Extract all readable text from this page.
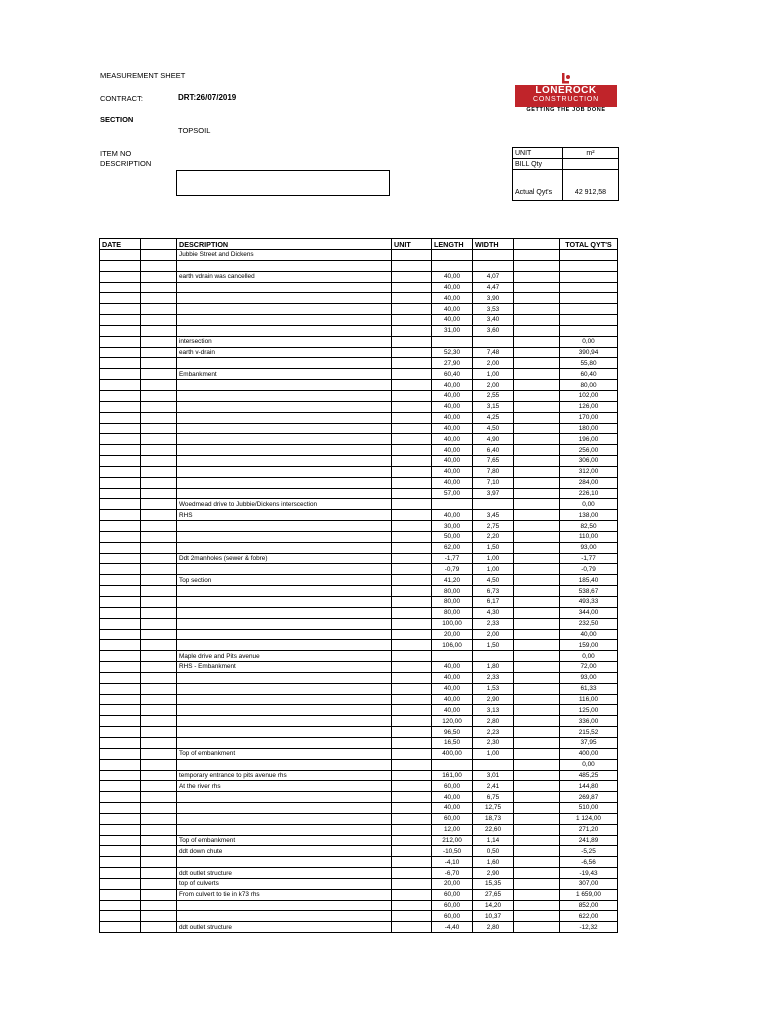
MEASUREMENT SHEET
CONTRACT:	DRT:26/07/2019
SECTION
TOPSOIL
ITEM NO
DESCRIPTION
LONEROCK
CONSTRUCTION
GETTING THE JOB DONE
UNIT	m²
BILL Qty	
Actual Qyt's	42 912,58
DATE		DESCRIPTION	UNIT	LENGTH	WIDTH		TOTAL QYT'S
		Jubbie Street and Dickens					

		earth vdrain was cancelled		40,00	4,07		
				40,00	4,47		
				40,00	3,90		
				40,00	3,53		
				40,00	3,40		
				31,00	3,60		
		intersection					0,00
		earth v-drain		52,30	7,48		390,94
				27,90	2,00		55,80
		Embankment		60,40	1,00		60,40
				40,00	2,00		80,00
				40,00	2,55		102,00
				40,00	3,15		126,00
				40,00	4,25		170,00
				40,00	4,50		180,00
				40,00	4,90		196,00
				40,00	6,40		256,00
				40,00	7,65		306,00
				40,00	7,80		312,00
				40,00	7,10		284,00
				57,00	3,97		226,10
		Woedmead drive to Jubbie/Dickens interscection					0,00
		RHS		40,00	3,45		138,00
				30,00	2,75		82,50
				50,00	2,20		110,00
				62,00	1,50		93,00
		Ddt 2manholes (sewer & fobre)		-1,77	1,00		-1,77
				-0,79	1,00		-0,79
		Top section		41,20	4,50		185,40
				80,00	6,73		538,67
				80,00	6,17		493,33
				80,00	4,30		344,00
				100,00	2,33		232,50
				20,00	2,00		40,00
				106,00	1,50		159,00
		Maple drive and Pits avenue					0,00
		RHS - Embankment		40,00	1,80		72,00
				40,00	2,33		93,00
				40,00	1,53		61,33
				40,00	2,90		116,00
				40,00	3,13		125,00
				120,00	2,80		336,00
				96,50	2,23		215,52
				16,50	2,30		37,95
		Top of embankment		400,00	1,00		400,00
							0,00
		temporary entrance to pits avenue rhs		161,00	3,01		485,25
		At the river rhs		60,00	2,41		144,80
				40,00	6,75		269,87
				40,00	12,75		510,00
				60,00	18,73		1 124,00
				12,00	22,60		271,20
		Top of embankment		212,00	1,14		241,89
		ddt down chute		-10,50	0,50		-5,25
				-4,10	1,60		-6,56
		ddt outlet structure		-6,70	2,90		-19,43
		top of culverts		20,00	15,35		307,00
		From culvert to tie in k73 rhs		60,00	27,65		1 659,00
				60,00	14,20		852,00
				60,00	10,37		622,00
		ddt outlet structure		-4,40	2,80		-12,32
